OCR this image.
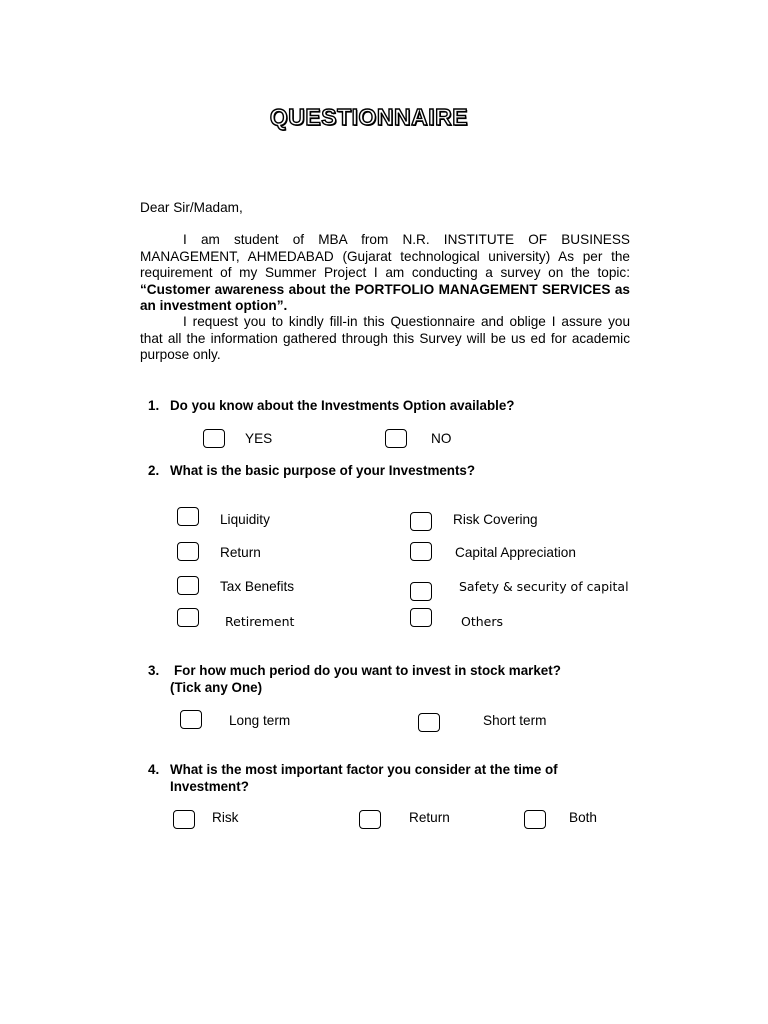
QUESTIONNAIRE
Dear Sir/Madam,
I am student of MBA from N.R. INSTITUTE OF BUSINESS MANAGEMENT, AHMEDABAD (Gujarat technological university) As per the requirement of my Summer Project I am conducting a survey on the topic: “Customer awareness about the PORTFOLIO MANAGEMENT SERVICES as an investment option”.
I request you to kindly fill-in this Questionnaire and oblige I assure you that all the information gathered through this Survey will be us ed for academic purpose only.
1. Do you know about the Investments Option available?
YES	NO
2. What is the basic purpose of your Investments?
Liquidity	Risk Covering
Return	Capital Appreciation
Tax Benefits	Safety & security of capital
Retirement	Others
3. For how much period do you want to invest in stock market?
(Tick any One)
Long term	Short term
4. What is the most important factor you consider at the time of
Investment?
Risk	Return	Both
